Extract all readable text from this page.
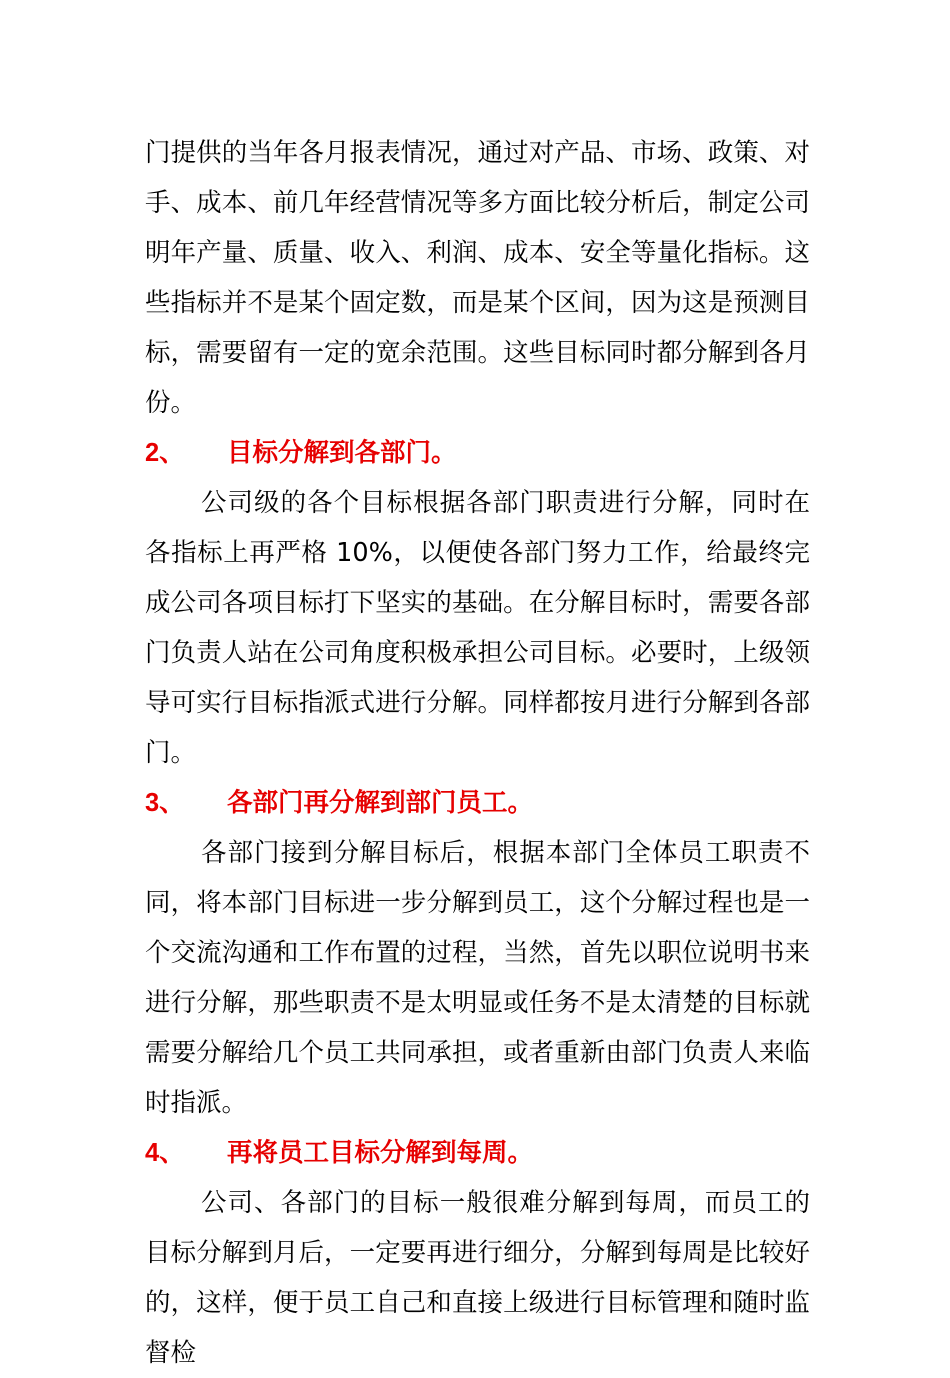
门提供的当年各月报表情况，通过对产品、市场、政策、对手、成本、前几年经营情况等多方面比较分析后，制定公司明年产量、质量、收入、利润、成本、安全等量化指标。这些指标并不是某个固定数，而是某个区间，因为这是预测目标，需要留有一定的宽余范围。这些目标同时都分解到各月份。

2、	目标分解到各部门。

公司级的各个目标根据各部门职责进行分解，同时在各指标上再严格 10%，以便使各部门努力工作，给最终完成公司各项目标打下坚实的基础。在分解目标时，需要各部门负责人站在公司角度积极承担公司目标。必要时，上级领导可实行目标指派式进行分解。同样都按月进行分解到各部门。

3、	各部门再分解到部门员工。

各部门接到分解目标后，根据本部门全体员工职责不同，将本部门目标进一步分解到员工，这个分解过程也是一个交流沟通和工作布置的过程，当然，首先以职位说明书来进行分解，那些职责不是太明显或任务不是太清楚的目标就需要分解给几个员工共同承担，或者重新由部门负责人来临时指派。

4、	再将员工目标分解到每周。

公司、各部门的目标一般很难分解到每周，而员工的目标分解到月后，一定要再进行细分，分解到每周是比较好的，这样，便于员工自己和直接上级进行目标管理和随时监督检
